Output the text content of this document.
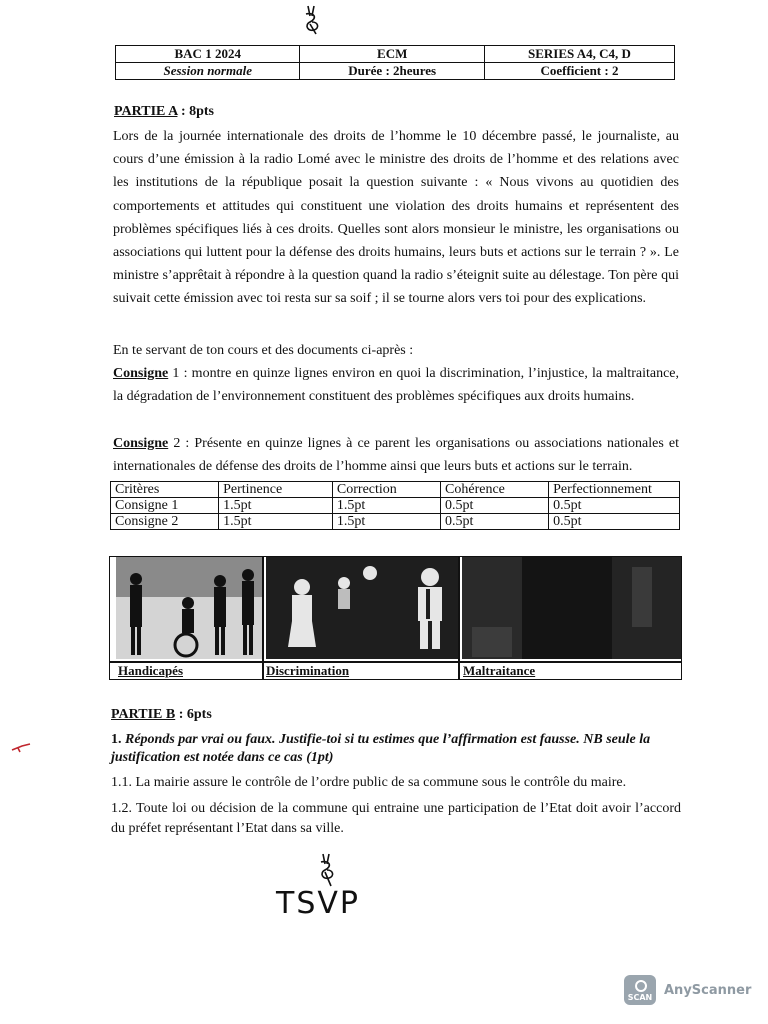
BAC 1 2024	ECM	SERIES A4, C4, D
Session normale	Durée : 2heures	Coefficient : 2
PARTIE A : 8pts
Lors de la journée internationale des droits de l’homme le 10 décembre passé, le journaliste, au cours d’une émission à la radio Lomé avec le ministre des droits de l’homme et des relations avec les institutions de la république posait la question suivante : « Nous vivons au quotidien des comportements et attitudes qui constituent une violation des droits humains et représentent des problèmes spécifiques liés à ces droits. Quelles sont alors monsieur le ministre, les organisations ou associations qui luttent pour la défense des droits humains, leurs buts et actions sur le terrain ? ». Le ministre s’apprêtait à répondre à la question quand la radio s’éteignit suite au délestage. Ton père qui suivait cette émission avec toi resta sur sa soif ; il se tourne alors vers toi pour des explications.
En te servant de ton cours et des documents ci-après :
Consigne 1 : montre en quinze lignes environ en quoi la discrimination, l’injustice, la maltraitance, la dégradation de l’environnement constituent des problèmes spécifiques aux droits humains.
Consigne 2 : Présente en quinze lignes à ce parent les organisations ou associations nationales et internationales de défense des droits de l’homme ainsi que leurs buts et actions sur le terrain.
Critères	Pertinence	Correction	Cohérence	Perfectionnement
Consigne 1	1.5pt	1.5pt	0.5pt	0.5pt
Consigne 2	1.5pt	1.5pt	0.5pt	0.5pt
Handicapés	Discrimination	Maltraitance
PARTIE B : 6pts
1. Réponds par vrai ou faux. Justifie-toi si tu estimes que l’affirmation est fausse. NB seule la justification est notée dans ce cas (1pt)
1.1. La mairie assure le contrôle de l’ordre public de sa commune sous le contrôle du maire.
1.2. Toute loi ou décision de la commune qui entraine une participation de l’Etat doit avoir l’accord du préfet représentant l’Etat dans sa ville.
TSVP
SCAN AnyScanner
